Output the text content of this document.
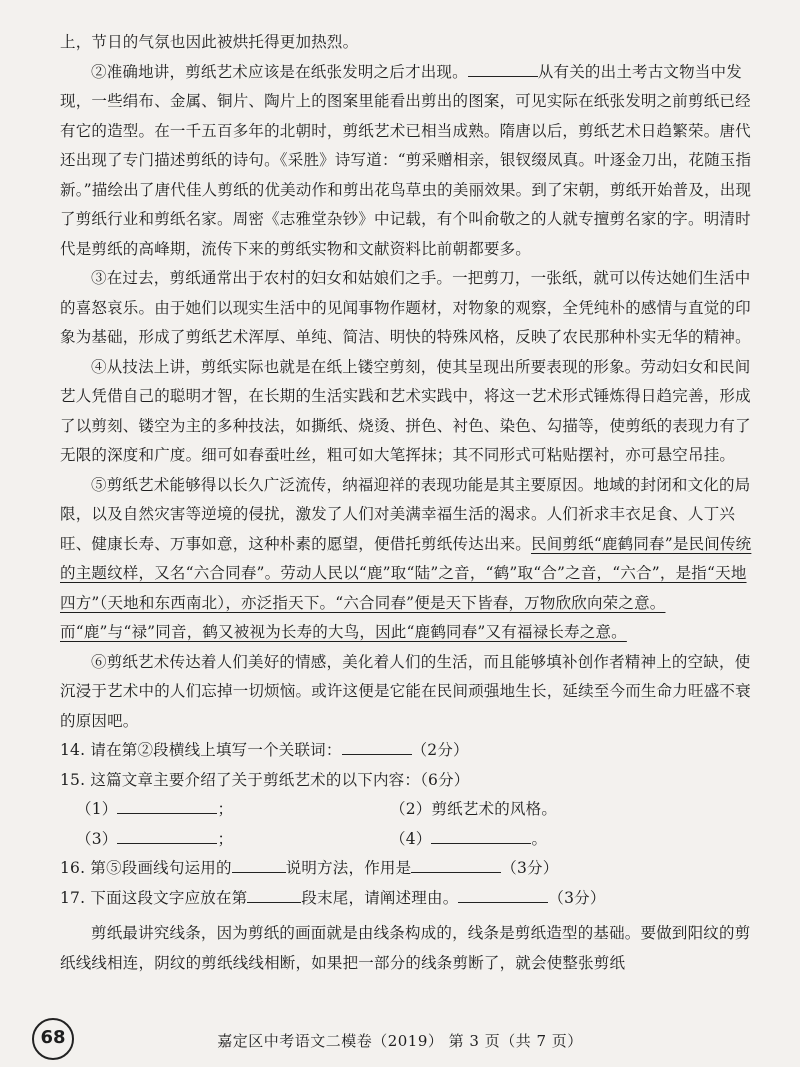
上，节日的气氛也因此被烘托得更加热烈。

②准确地讲，剪纸艺术应该是在纸张发明之后才出现。	从有关的出土考古文物当中发现，一些绢布、金属、铜片、陶片上的图案里能看出剪出的图案，可见实际在纸张发明之前剪纸已经有它的造型。在一千五百多年的北朝时，剪纸艺术已相当成熟。隋唐以后，剪纸艺术日趋繁荣。唐代还出现了专门描述剪纸的诗句。《采胜》诗写道：“剪采赠相亲，银钗缀凤真。叶逐金刀出，花随玉指新。”描绘出了唐代佳人剪纸的优美动作和剪出花鸟草虫的美丽效果。到了宋朝，剪纸开始普及，出现了剪纸行业和剪纸名家。周密《志雅堂杂钞》中记载，有个叫俞敬之的人就专擅剪名家的字。明清时代是剪纸的高峰期，流传下来的剪纸实物和文献资料比前朝都要多。

③在过去，剪纸通常出于农村的妇女和姑娘们之手。一把剪刀，一张纸，就可以传达她们生活中的喜怒哀乐。由于她们以现实生活中的见闻事物作题材，对物象的观察，全凭纯朴的感情与直觉的印象为基础，形成了剪纸艺术浑厚、单纯、简洁、明快的特殊风格，反映了农民那种朴实无华的精神。

④从技法上讲，剪纸实际也就是在纸上镂空剪刻，使其呈现出所要表现的形象。劳动妇女和民间艺人凭借自己的聪明才智，在长期的生活实践和艺术实践中，将这一艺术形式锤炼得日趋完善，形成了以剪刻、镂空为主的多种技法，如撕纸、烧烫、拼色、衬色、染色、勾描等，使剪纸的表现力有了无限的深度和广度。细可如春蚕吐丝，粗可如大笔挥抹；其不同形式可粘贴摆衬，亦可悬空吊挂。

⑤剪纸艺术能够得以长久广泛流传，纳福迎祥的表现功能是其主要原因。地域的封闭和文化的局限，以及自然灾害等逆境的侵扰，激发了人们对美满幸福生活的渴求。人们祈求丰衣足食、人丁兴旺、健康长寿、万事如意，这种朴素的愿望，便借托剪纸传达出来。民间剪纸“鹿鹤同春”是民间传统的主题纹样，又名“六合同春”。劳动人民以“鹿”取“陆”之音，“鹤”取“合”之音，“六合”，是指“天地四方”（天地和东西南北），亦泛指天下。“六合同春”便是天下皆春，万物欣欣向荣之意。而“鹿”与“禄”同音，鹤又被视为长寿的大鸟，因此“鹿鹤同春”又有福禄长寿之意。

⑥剪纸艺术传达着人们美好的情感，美化着人们的生活，而且能够填补创作者精神上的空缺，使沉浸于艺术中的人们忘掉一切烦恼。或许这便是它能在民间顽强地生长，延续至今而生命力旺盛不衰的原因吧。

14. 请在第②段横线上填写一个关联词：	（2分）

15. 这篇文章主要介绍了关于剪纸艺术的以下内容：（6分）

（1）	；	（2）剪纸艺术的风格。
（3）	；	（4）	。

16. 第⑤段画线句运用的	说明方法，作用是	（3分）

17. 下面这段文字应放在第	段末尾，请阐述理由。	（3分）

剪纸最讲究线条，因为剪纸的画面就是由线条构成的，线条是剪纸造型的基础。要做到阳纹的剪纸线线相连，阴纹的剪纸线线相断，如果把一部分的线条剪断了，就会使整张剪纸

68	嘉定区中考语文二模卷（2019） 第 3 页（共 7 页）
